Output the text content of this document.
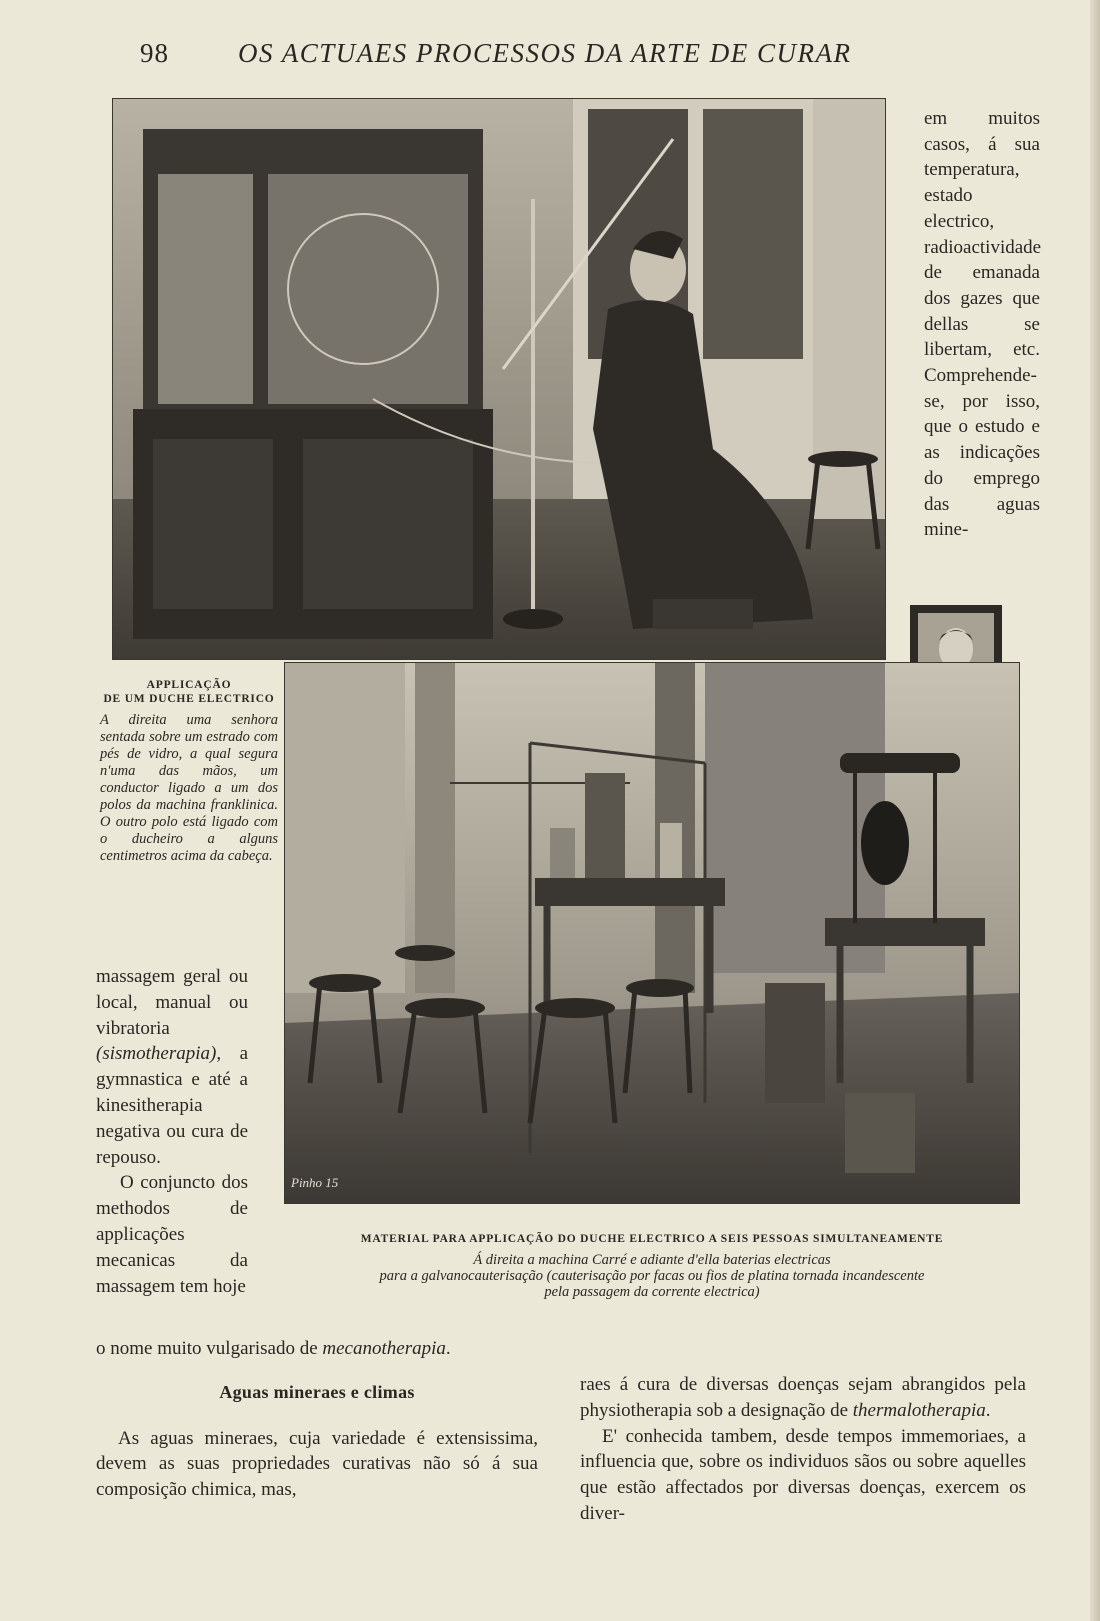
98	OS ACTUAES PROCESSOS DA ARTE DE CURAR

em muitos casos, á sua temperatura, estado electrico, radioactividade de emanada dos gazes que dellas se libertam, etc. Comprehende-se, por isso, que o estudo e as indicações do emprego das aguas mine-

APPLICAÇÃO
DE UM DUCHE ELECTRICO
A direita uma senhora sentada sobre um estrado com pés de vidro, a qual segura n'uma das mãos, um conductor ligado a um dos polos da machina franklinica. O outro polo está ligado com o ducheiro a alguns centimetros acima da cabeça.
Pinho 15

massagem geral ou local, manual ou vibratoria (sismotherapia), a gymnastica e até a kinesitherapia negativa ou cura de repouso.

O conjuncto dos methodos de applicações mecanicas da massagem tem hoje

MATERIAL PARA APPLICAÇÃO DO DUCHE ELECTRICO A SEIS PESSOAS SIMULTANEAMENTE
Á direita a machina Carré e adiante d'ella baterias electricas
para a galvanocauterisação (cauterisação por facas ou fios de platina tornada incandescente
pela passagem da corrente electrica)

o nome muito vulgarisado de mecanotherapia.

Aguas mineraes e climas

As aguas mineraes, cuja variedade é extensissima, devem as suas propriedades curativas não só á sua composição chimica, mas,

raes á cura de diversas doenças sejam abrangidos pela physiotherapia sob a designação de thermalotherapia.

E' conhecida tambem, desde tempos immemoriaes, a influencia que, sobre os individuos sãos ou sobre aquelles que estão affectados por diversas doenças, exercem os diver-
